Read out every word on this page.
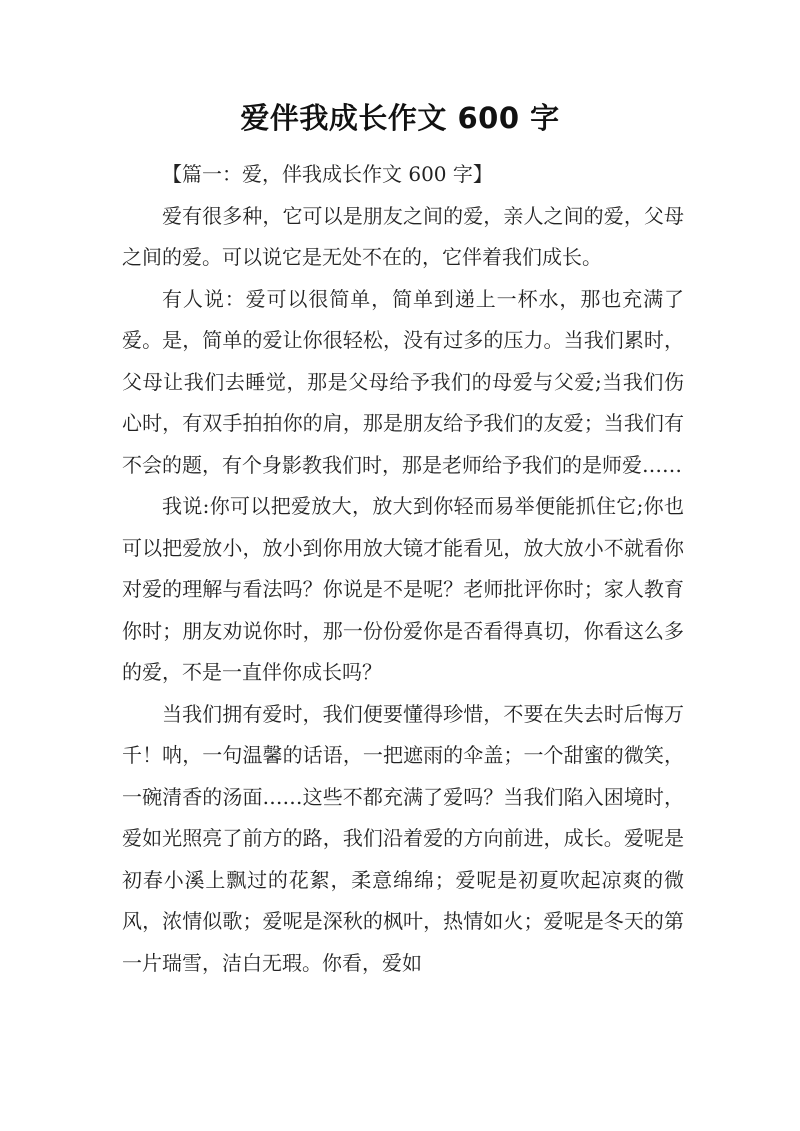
爱伴我成长作文 600 字

【篇一：爱，伴我成长作文 600 字】

爱有很多种，它可以是朋友之间的爱，亲人之间的爱，父母之间的爱。可以说它是无处不在的，它伴着我们成长。

有人说：爱可以很简单，简单到递上一杯水，那也充满了爱。是，简单的爱让你很轻松，没有过多的压力。当我们累时，父母让我们去睡觉，那是父母给予我们的母爱与父爱;当我们伤心时，有双手拍拍你的肩，那是朋友给予我们的友爱；当我们有不会的题，有个身影教我们时，那是老师给予我们的是师爱……

我说:你可以把爱放大，放大到你轻而易举便能抓住它;你也可以把爱放小，放小到你用放大镜才能看见，放大放小不就看你对爱的理解与看法吗？你说是不是呢？老师批评你时；家人教育你时；朋友劝说你时，那一份份爱你是否看得真切，你看这么多的爱，不是一直伴你成长吗？

当我们拥有爱时，我们便要懂得珍惜，不要在失去时后悔万千！呐，一句温馨的话语，一把遮雨的伞盖；一个甜蜜的微笑，一碗清香的汤面……这些不都充满了爱吗？当我们陷入困境时，爱如光照亮了前方的路，我们沿着爱的方向前进，成长。爱呢是初春小溪上飘过的花絮，柔意绵绵；爱呢是初夏吹起凉爽的微风，浓情似歌；爱呢是深秋的枫叶，热情如火；爱呢是冬天的第一片瑞雪，洁白无瑕。你看，爱如
